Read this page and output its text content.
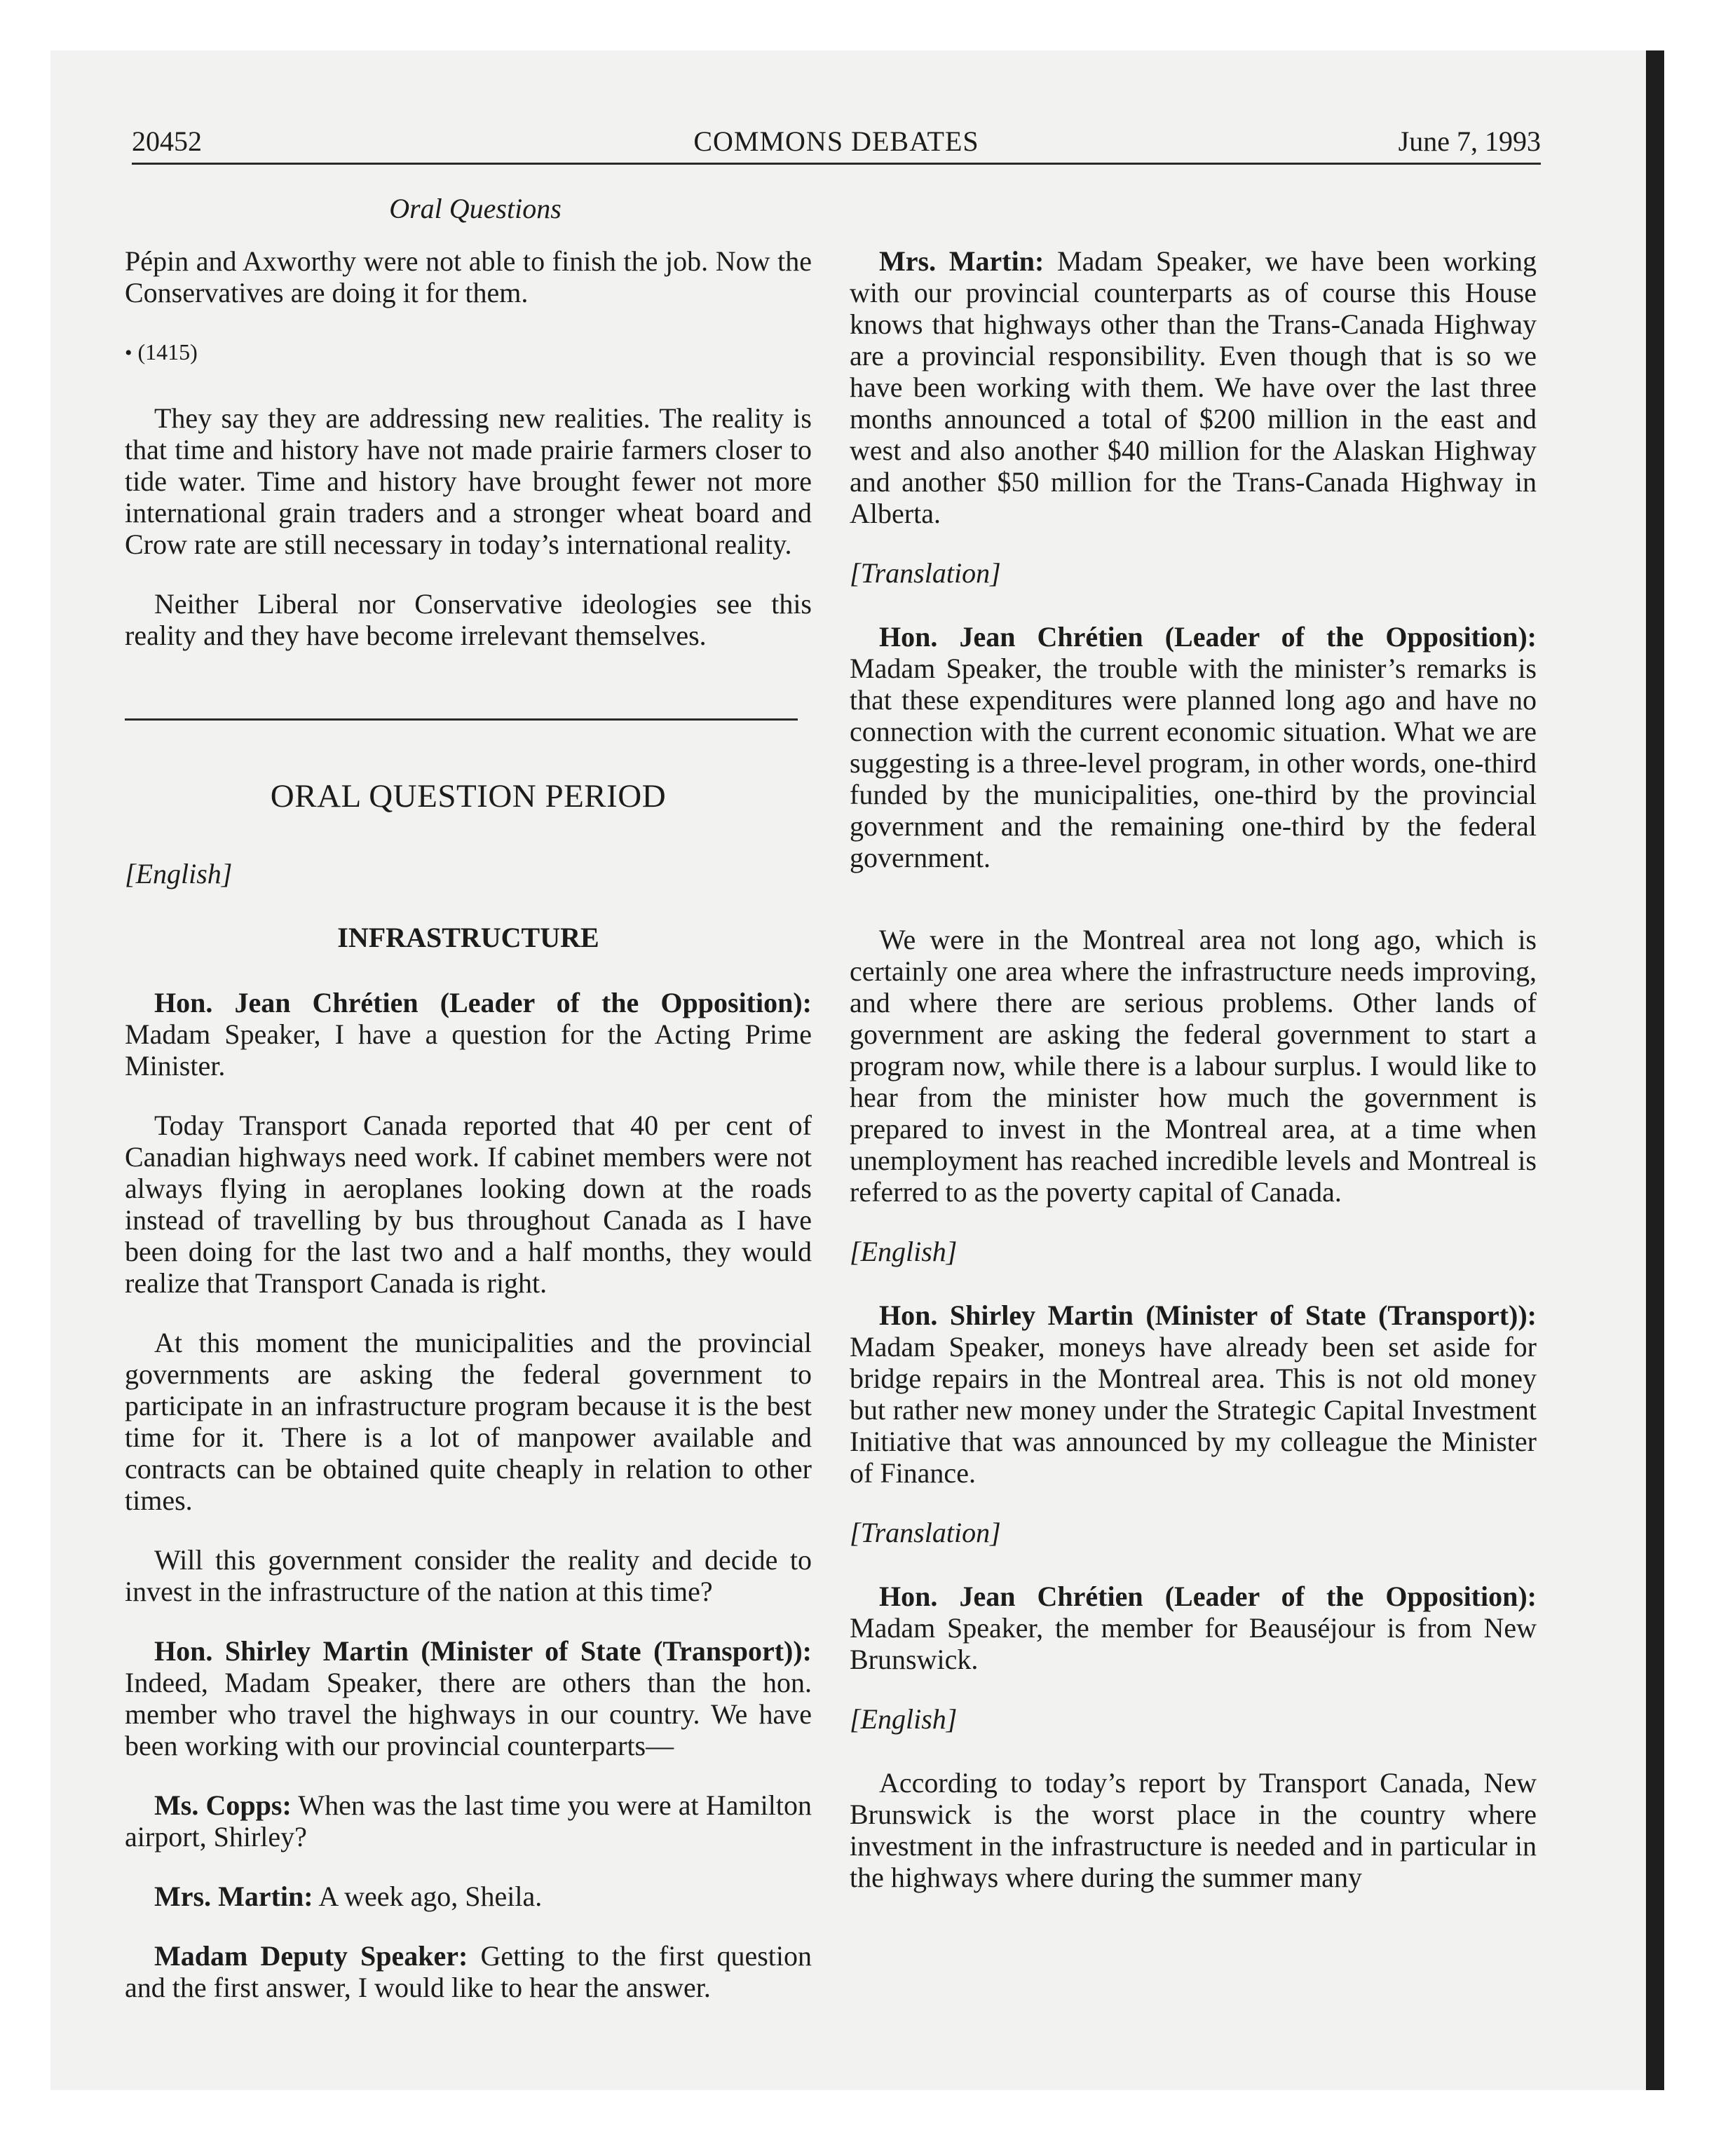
20452	COMMONS DEBATES	June 7, 1993
Oral Questions

Pépin and Axworthy were not able to finish the job. Now the Conservatives are doing it for them.

• (1415)

They say they are addressing new realities. The reality is that time and history have not made prairie farmers closer to tide water. Time and history have brought fewer not more international grain traders and a stronger wheat board and Crow rate are still necessary in today’s international reality.

Neither Liberal nor Conservative ideologies see this reality and they have become irrelevant themselves.

ORAL QUESTION PERIOD

[English]

INFRASTRUCTURE

Hon. Jean Chrétien (Leader of the Opposition): Madam Speaker, I have a question for the Acting Prime Minister.

Today Transport Canada reported that 40 per cent of Canadian highways need work. If cabinet members were not always flying in aeroplanes looking down at the roads instead of travelling by bus throughout Canada as I have been doing for the last two and a half months, they would realize that Transport Canada is right.

At this moment the municipalities and the provincial governments are asking the federal government to participate in an infrastructure program because it is the best time for it. There is a lot of manpower available and contracts can be obtained quite cheaply in relation to other times.

Will this government consider the reality and decide to invest in the infrastructure of the nation at this time?

Hon. Shirley Martin (Minister of State (Transport)): Indeed, Madam Speaker, there are others than the hon. member who travel the highways in our country. We have been working with our provincial counterparts—

Ms. Copps: When was the last time you were at Hamilton airport, Shirley?

Mrs. Martin: A week ago, Sheila.

Madam Deputy Speaker: Getting to the first question and the first answer, I would like to hear the answer.

Mrs. Martin: Madam Speaker, we have been working with our provincial counterparts as of course this House knows that highways other than the Trans-Canada Highway are a provincial responsibility. Even though that is so we have been working with them. We have over the last three months announced a total of $200 million in the east and west and also another $40 million for the Alaskan Highway and another $50 million for the Trans-Canada Highway in Alberta.

[Translation]

Hon. Jean Chrétien (Leader of the Opposition): Madam Speaker, the trouble with the minister’s remarks is that these expenditures were planned long ago and have no connection with the current economic situation. What we are suggesting is a three-level program, in other words, one-third funded by the municipalities, one-third by the provincial government and the remaining one-third by the federal government.

We were in the Montreal area not long ago, which is certainly one area where the infrastructure needs improving, and where there are serious problems. Other lands of government are asking the federal government to start a program now, while there is a labour surplus. I would like to hear from the minister how much the government is prepared to invest in the Montreal area, at a time when unemployment has reached incredible levels and Montreal is referred to as the poverty capital of Canada.

[English]

Hon. Shirley Martin (Minister of State (Transport)): Madam Speaker, moneys have already been set aside for bridge repairs in the Montreal area. This is not old money but rather new money under the Strategic Capital Investment Initiative that was announced by my colleague the Minister of Finance.

[Translation]

Hon. Jean Chrétien (Leader of the Opposition): Madam Speaker, the member for Beauséjour is from New Brunswick.

[English]

According to today’s report by Transport Canada, New Brunswick is the worst place in the country where investment in the infrastructure is needed and in particular in the highways where during the summer many
